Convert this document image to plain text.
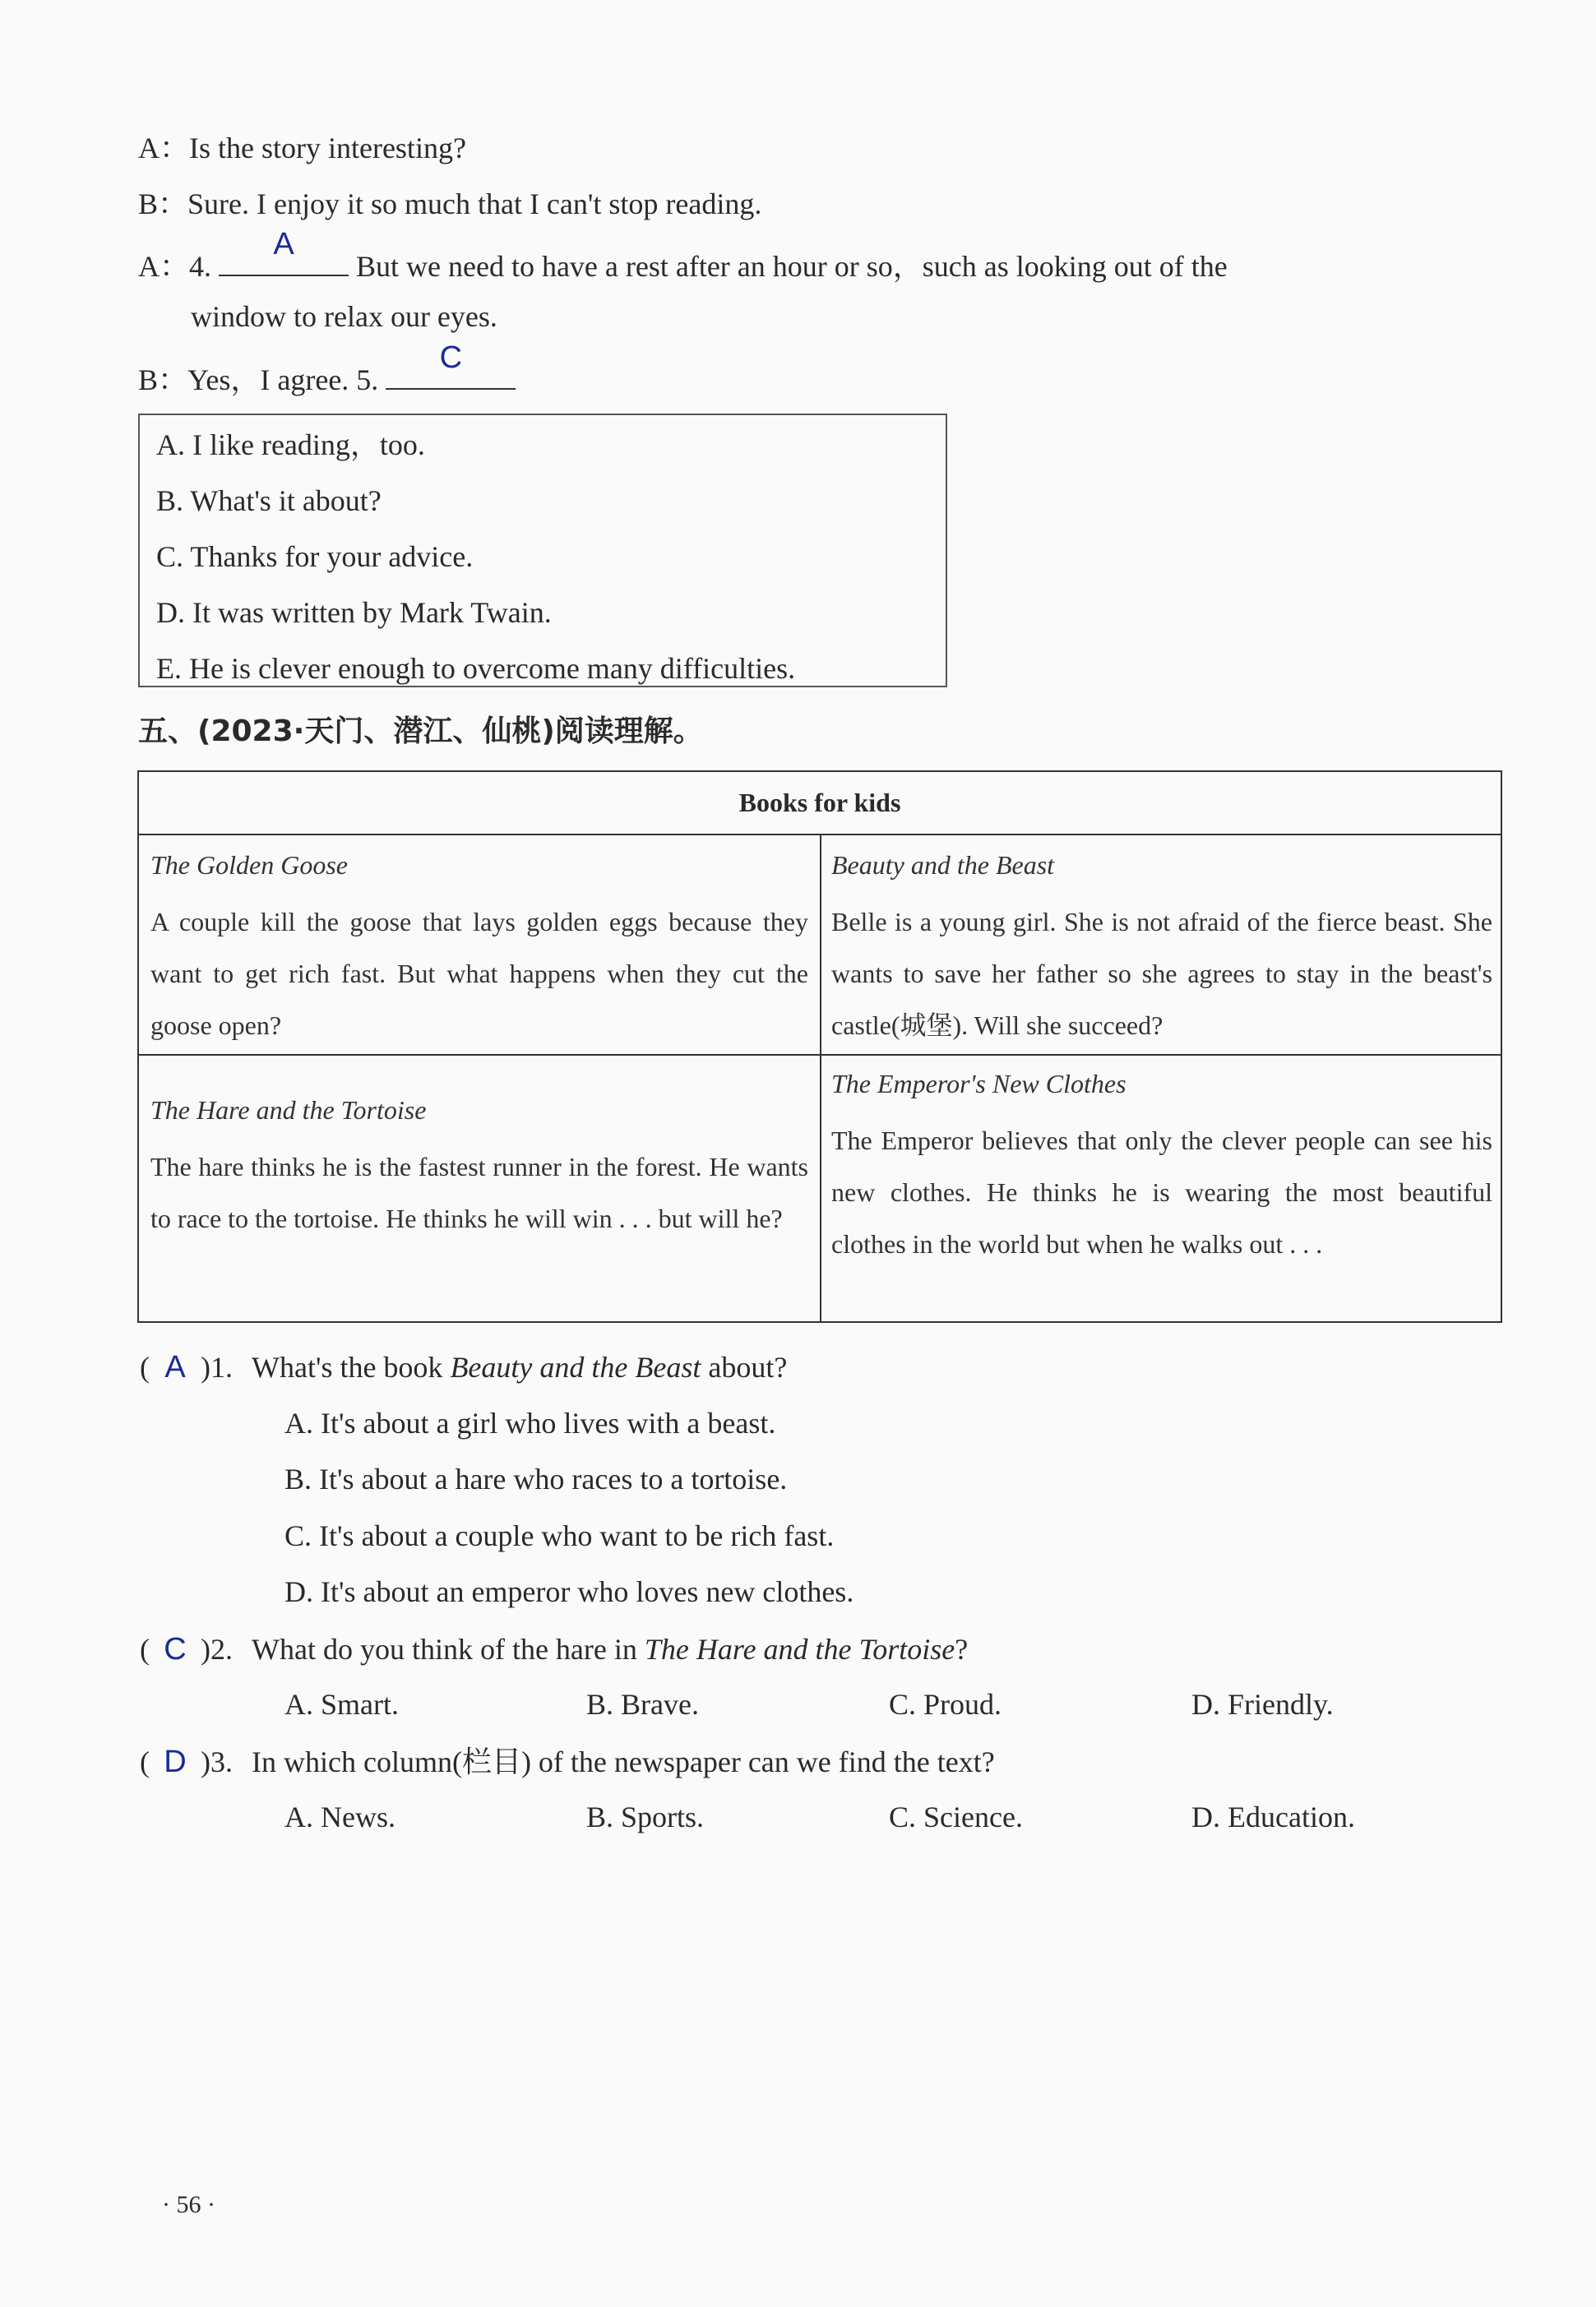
A：Is the story interesting?
B：Sure. I enjoy it so much that I can't stop reading.
A：4.
A
But we need to have a rest after an hour or so，such as looking out of the
window to relax our eyes.
B：Yes，I agree. 5.
C
A. I like reading，too.
B. What's it about?
C. Thanks for your advice.
D. It was written by Mark Twain.
E. He is clever enough to overcome many difficulties.
五、(2023·天门、潜江、仙桃)阅读理解。
Books for kids
The Golden Goose
A couple kill the goose that lays golden eggs because they want to get rich fast. But what happens when they cut the goose open?
Beauty and the Beast
Belle is a young girl. She is not afraid of the fierce beast. She wants to save her father so she agrees to stay in the beast's castle(城堡). Will she succeed?
The Hare and the Tortoise
The hare thinks he is the fastest runner in the forest. He wants to race to the tortoise. He thinks he will win . . . but will he?
The Emperor's New Clothes
The Emperor believes that only the clever people can see his new clothes. He thinks he is wearing the most beautiful clothes in the world but when he walks out . . .
( A )1. What's the book Beauty and the Beast about?
A. It's about a girl who lives with a beast.
B. It's about a hare who races to a tortoise.
C. It's about a couple who want to be rich fast.
D. It's about an emperor who loves new clothes.
( C )2. What do you think of the hare in The Hare and the Tortoise?
A. Smart.	B. Brave.	C. Proud.	D. Friendly.
( D )3. In which column(栏目) of the newspaper can we find the text?
A. News.	B. Sports.	C. Science.	D. Education.
· 56 ·
